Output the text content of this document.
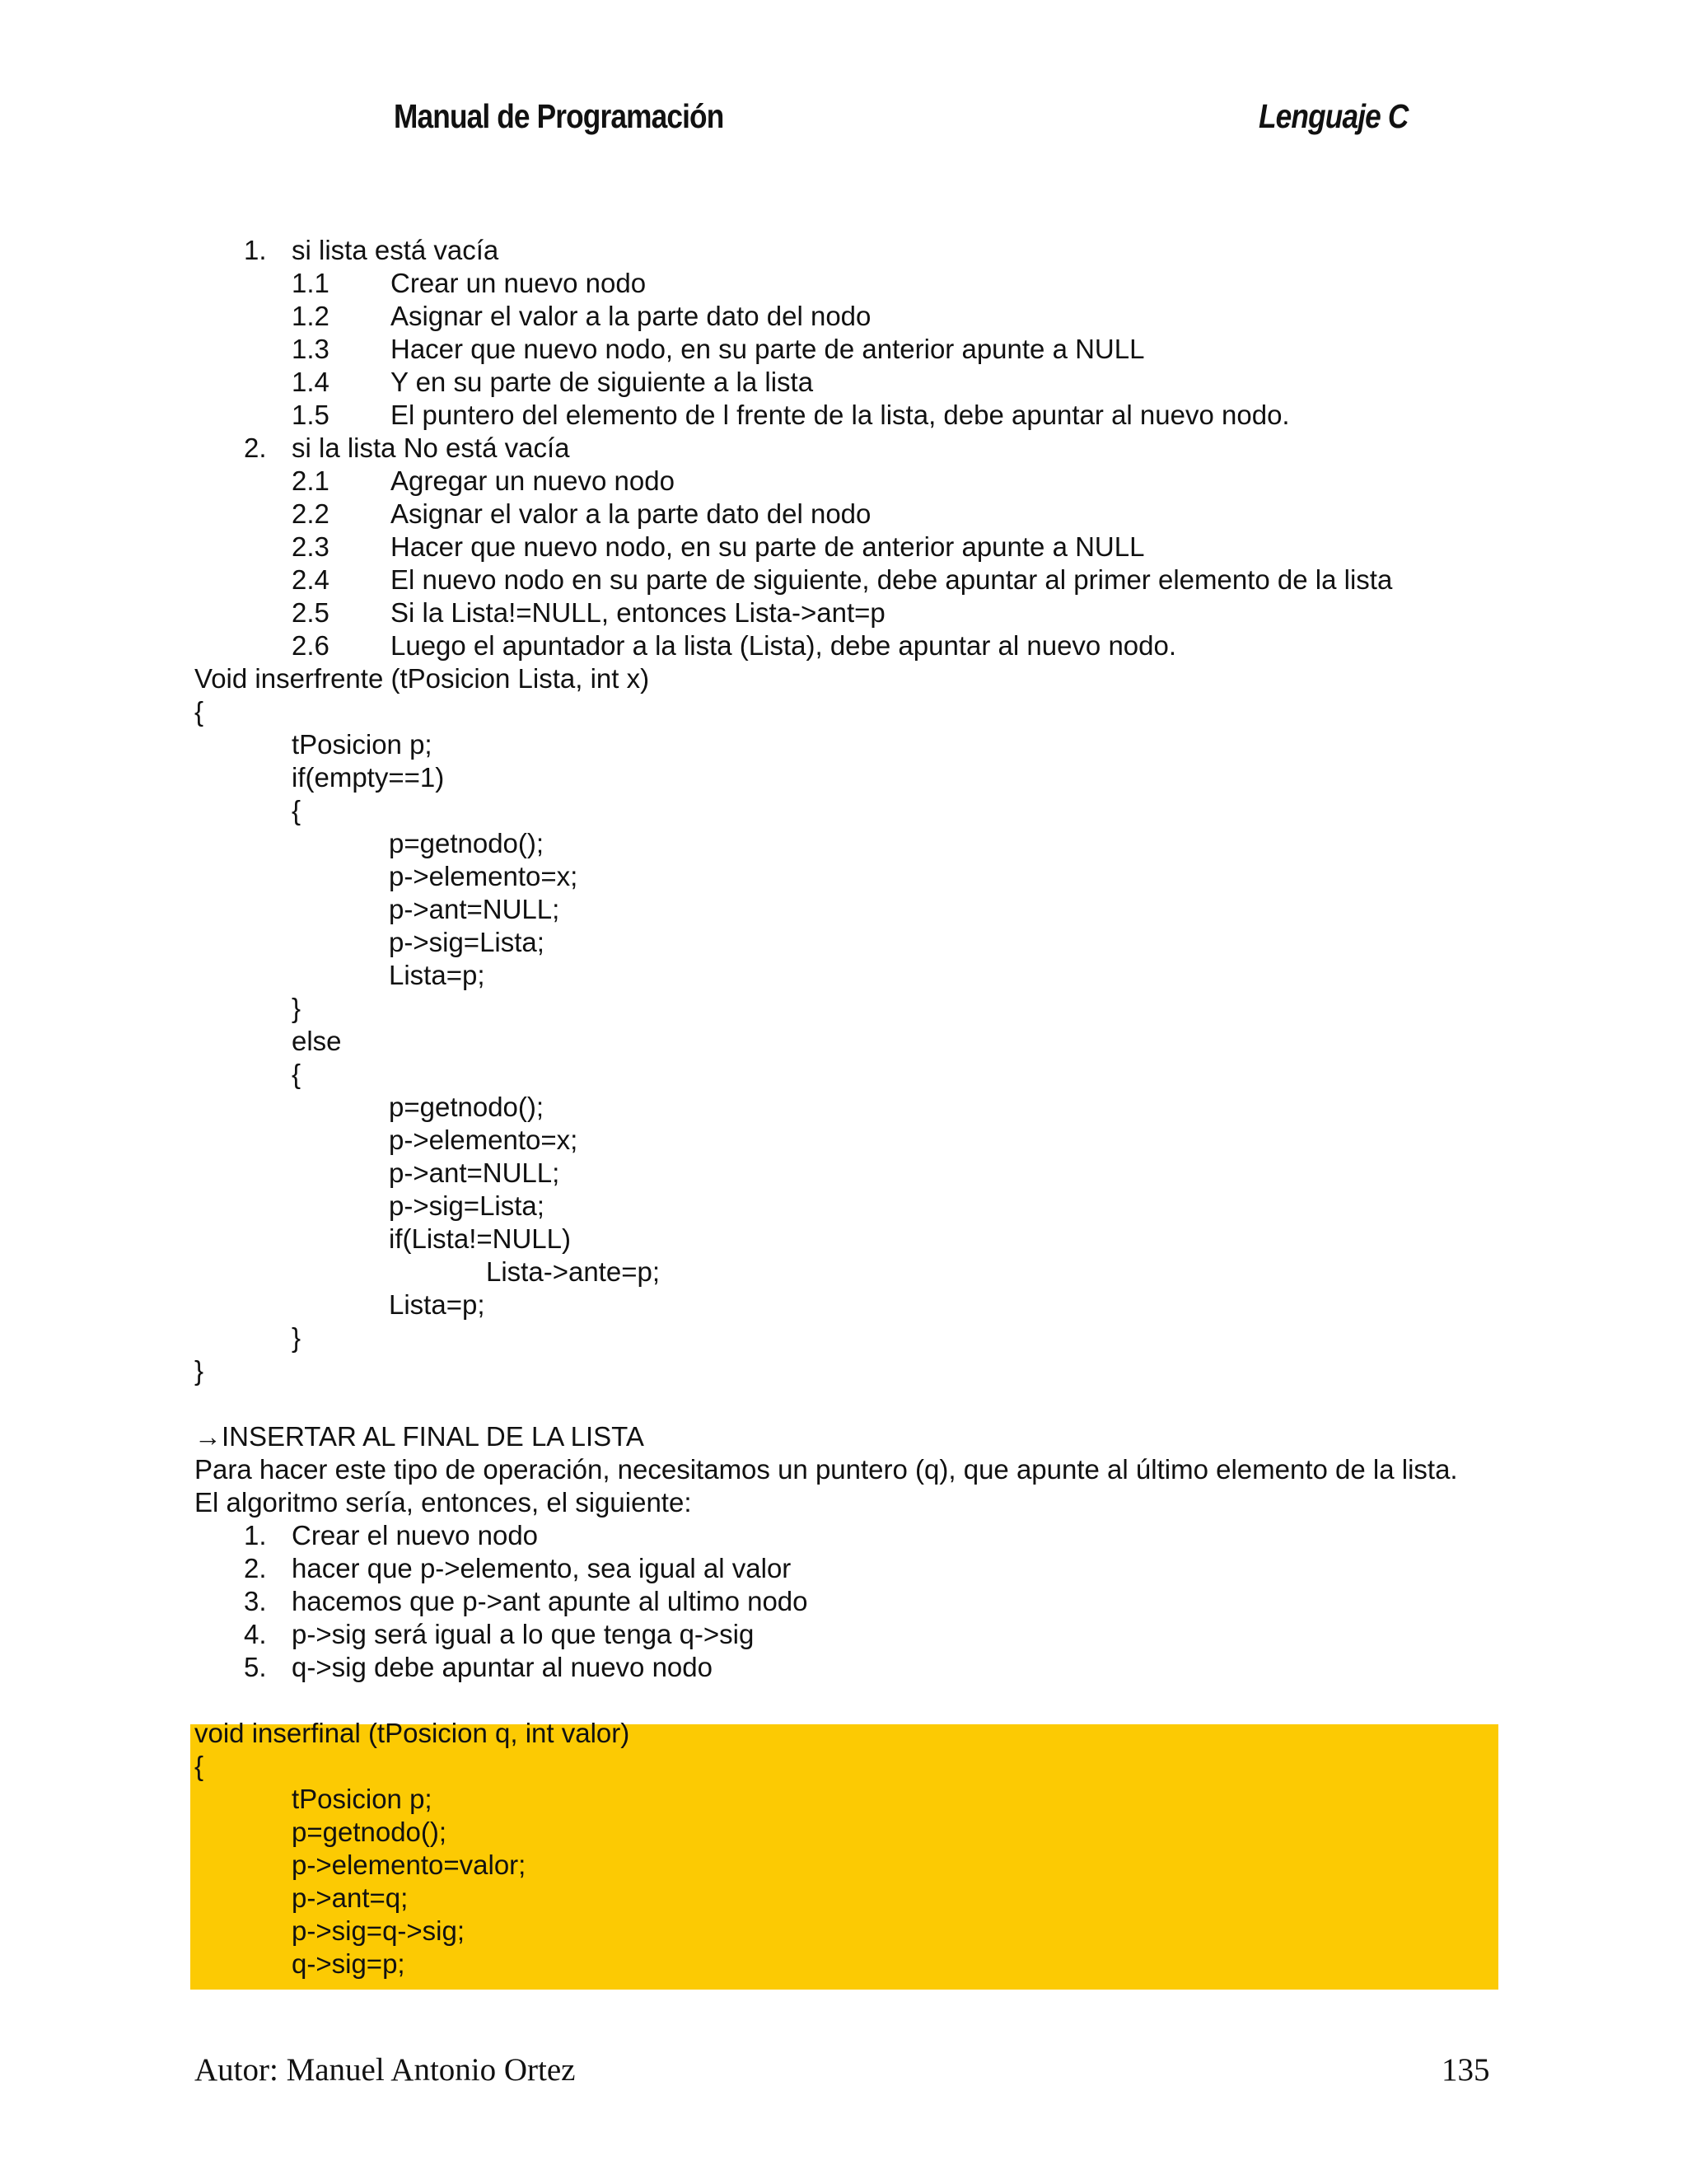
Manual de Programación	Lenguaje C
1. si lista está vacía
1.1 Crear un nuevo nodo
1.2 Asignar el valor a la parte dato del nodo
1.3 Hacer que nuevo nodo, en su parte de anterior apunte a NULL
1.4 Y en su parte de siguiente a la lista
1.5 El puntero del elemento de l frente de la lista, debe apuntar al nuevo nodo.
2. si la lista No está vacía
2.1 Agregar un nuevo nodo
2.2 Asignar el valor a la parte dato del nodo
2.3 Hacer que nuevo nodo, en su parte de anterior apunte a NULL
2.4 El nuevo nodo en su parte de siguiente, debe apuntar al primer elemento de la lista
2.5 Si la Lista!=NULL, entonces Lista->ant=p
2.6 Luego el apuntador a la lista (Lista), debe apuntar al nuevo nodo.
Void inserfrente (tPosicion Lista, int x)
{
tPosicion p;
if(empty==1)
{
p=getnodo();
p->elemento=x;
p->ant=NULL;
p->sig=Lista;
Lista=p;
}
else
{
p=getnodo();
p->elemento=x;
p->ant=NULL;
p->sig=Lista;
if(Lista!=NULL)
Lista->ante=p;
Lista=p;
}
}
→INSERTAR AL FINAL DE LA LISTA
Para hacer este tipo de operación, necesitamos un puntero (q), que apunte al último elemento de la lista.
El algoritmo sería, entonces, el siguiente:
1. Crear el nuevo nodo
2. hacer que p->elemento, sea igual al valor
3. hacemos que p->ant apunte al ultimo nodo
4. p->sig será igual a lo que tenga q->sig
5. q->sig debe apuntar al nuevo nodo
void inserfinal (tPosicion q, int valor)
{
tPosicion p;
p=getnodo();
p->elemento=valor;
p->ant=q;
p->sig=q->sig;
q->sig=p;
Autor: Manuel Antonio Ortez	135
